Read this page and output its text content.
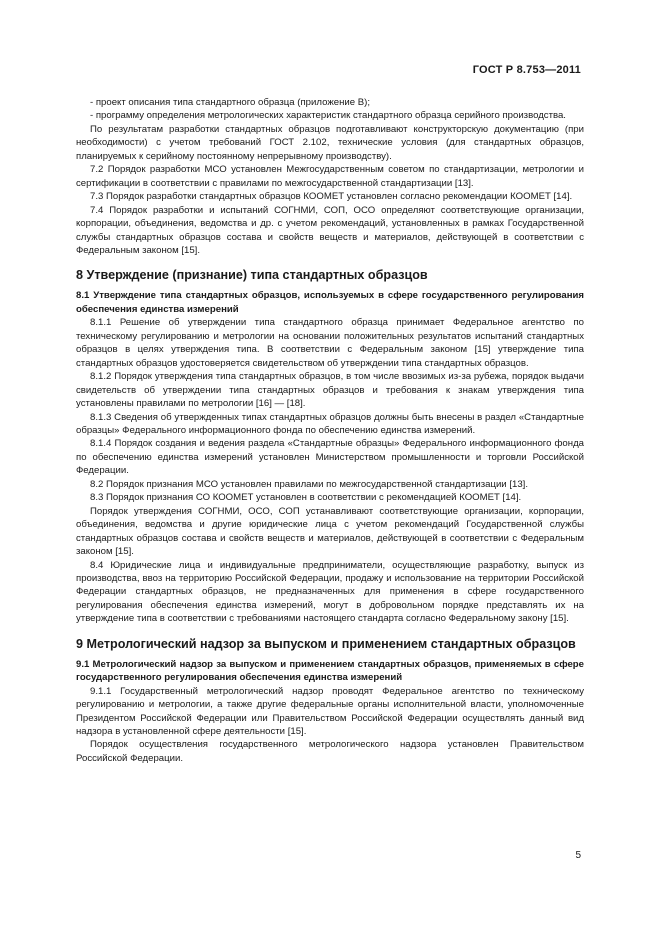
ГОСТ Р 8.753—2011

- проект описания типа стандартного образца (приложение В);

- программу определения метрологических характеристик стандартного образца серийного производства.

По результатам разработки стандартных образцов подготавливают конструкторскую документацию (при необходимости) с учетом требований ГОСТ 2.102, технические условия (для стандартных образцов, планируемых к серийному постоянному непрерывному производству).

7.2 Порядок разработки МСО установлен Межгосударственным советом по стандартизации, метрологии и сертификации в соответствии с правилами по межгосударственной стандартизации [13].

7.3 Порядок разработки стандартных образцов КООМЕТ установлен согласно рекомендации КООМЕТ [14].

7.4 Порядок разработки и испытаний СОГНМИ, СОП, ОСО определяют соответствующие организации, корпорации, объединения, ведомства и др. с учетом рекомендаций, установленных в рамках Государственной службы стандартных образцов состава и свойств веществ и материалов, действующей в соответствии с Федеральным законом [15].

8 Утверждение (признание) типа стандартных образцов

8.1 Утверждение типа стандартных образцов, используемых в сфере государственного регулирования обеспечения единства измерений

8.1.1 Решение об утверждении типа стандартного образца принимает Федеральное агентство по техническому регулированию и метрологии на основании положительных результатов испытаний стандартных образцов в целях утверждения типа. В соответствии с Федеральным законом [15] утверждение типа стандартных образцов удостоверяется свидетельством об утверждении типа стандартных образцов.

8.1.2 Порядок утверждения типа стандартных образцов, в том числе ввозимых из-за рубежа, порядок выдачи свидетельств об утверждении типа стандартных образцов и требования к знакам утверждения типа установлены правилами по метрологии [16] — [18].

8.1.3 Сведения об утвержденных типах стандартных образцов должны быть внесены в раздел «Стандартные образцы» Федерального информационного фонда по обеспечению единства измерений.

8.1.4 Порядок создания и ведения раздела «Стандартные образцы» Федерального информационного фонда по обеспечению единства измерений установлен Министерством промышленности и торговли Российской Федерации.

8.2 Порядок признания МСО установлен правилами по межгосударственной стандартизации [13].

8.3 Порядок признания СО КООМЕТ установлен в соответствии с рекомендацией КООМЕТ [14].

Порядок утверждения СОГНМИ, ОСО, СОП устанавливают соответствующие организации, корпорации, объединения, ведомства и другие юридические лица с учетом рекомендаций Государственной службы стандартных образцов состава и свойств веществ и материалов, действующей в соответствии с Федеральным законом [15].

8.4 Юридические лица и индивидуальные предприниматели, осуществляющие разработку, выпуск из производства, ввоз на территорию Российской Федерации, продажу и использование на территории Российской Федерации стандартных образцов, не предназначенных для применения в сфере государственного регулирования обеспечения единства измерений, могут в добровольном порядке представлять их на утверждение типа в соответствии с требованиями настоящего стандарта согласно Федеральному закону [15].

9 Метрологический надзор за выпуском и применением стандартных образцов

9.1 Метрологический надзор за выпуском и применением стандартных образцов, применяемых в сфере государственного регулирования обеспечения единства измерений

9.1.1 Государственный метрологический надзор проводят Федеральное агентство по техническому регулированию и метрологии, а также другие федеральные органы исполнительной власти, уполномоченные Президентом Российской Федерации или Правительством Российской Федерации осуществлять данный вид надзора в установленной сфере деятельности [15].

Порядок осуществления государственного метрологического надзора установлен Правительством Российской Федерации.

5
